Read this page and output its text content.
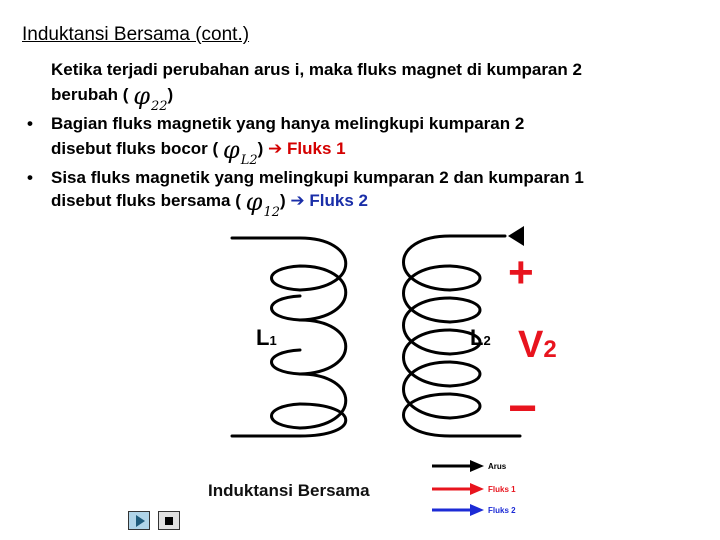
Induktansi Bersama (cont.)
Ketika terjadi perubahan arus i, maka fluks magnet di kumparan 2
berubah ( $\varphi_{22}$)
• Bagian fluks magnetik yang hanya melingkupi kumparan 2
disebut fluks bocor ( $\varphi_{L2}$) ➔ Fluks 1
• Sisa fluks magnetik yang melingkupi kumparan 2 dan kumparan 1
disebut fluks bersama ( $\varphi_{12}$) ➔ Fluks 2
L1	L2
+
V2
−
Induktansi Bersama
Arus
Fluks 1
Fluks 2
